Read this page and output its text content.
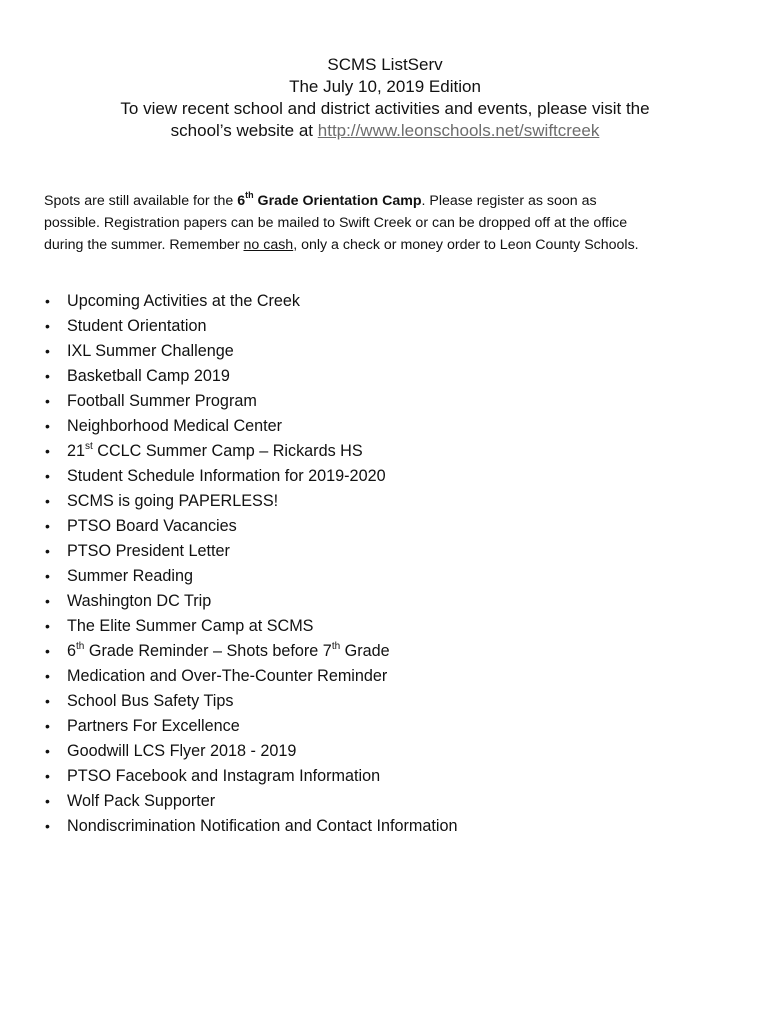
SCMS ListServ
The July 10, 2019 Edition
To view recent school and district activities and events, please visit the
school’s website at http://www.leonschools.net/swiftcreek
Spots are still available for the 6th Grade Orientation Camp. Please register as soon as
possible. Registration papers can be mailed to Swift Creek or can be dropped off at the office
during the summer. Remember no cash, only a check or money order to Leon County Schools.
• Upcoming Activities at the Creek
• Student Orientation
• IXL Summer Challenge
• Basketball Camp 2019
• Football Summer Program
• Neighborhood Medical Center
• 21st CCLC Summer Camp – Rickards HS
• Student Schedule Information for 2019-2020
• SCMS is going PAPERLESS!
• PTSO Board Vacancies
• PTSO President Letter
• Summer Reading
• Washington DC Trip
• The Elite Summer Camp at SCMS
• 6th Grade Reminder – Shots before 7th Grade
• Medication and Over-The-Counter Reminder
• School Bus Safety Tips
• Partners For Excellence
• Goodwill LCS Flyer 2018 - 2019
• PTSO Facebook and Instagram Information
• Wolf Pack Supporter
• Nondiscrimination Notification and Contact Information
